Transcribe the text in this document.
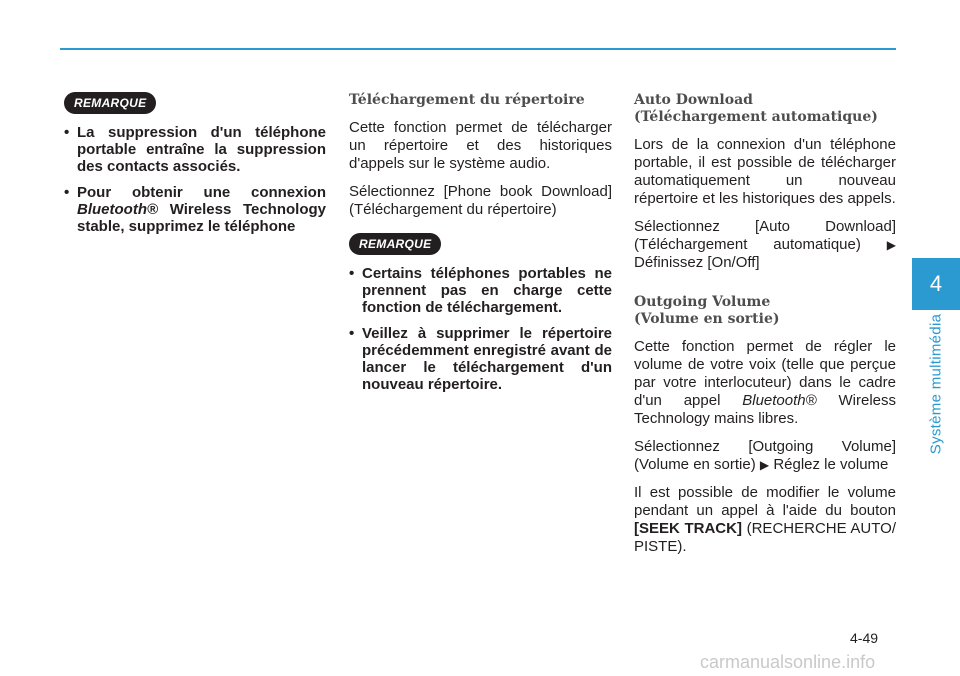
REMARQUE
• La suppression d'un téléphone portable entraîne la suppression des contacts associés.
• Pour obtenir une connexion Bluetooth® Wireless Technology stable, supprimez le téléphone
Téléchargement du répertoire

Cette fonction permet de télécharger un répertoire et des historiques d'appels sur le système audio.

Sélectionnez [Phone book Download] (Téléchargement du répertoire)

REMARQUE
• Certains téléphones portables ne prennent pas en charge cette fonction de téléchargement.
• Veillez à supprimer le répertoire précédemment enregistré avant de lancer le téléchargement d'un nouveau répertoire.
Auto Download
(Téléchargement automatique)

Lors de la connexion d'un téléphone portable, il est possible de télécharger automatiquement un nouveau répertoire et les historiques des appels.

Sélectionnez [Auto Download] (Téléchargement automatique) ▶ Définissez [On/Off]

Outgoing Volume
(Volume en sortie)

Cette fonction permet de régler le volume de votre voix (telle que perçue par votre interlocuteur) dans le cadre d'un appel Bluetooth® Wireless Technology mains libres.

Sélectionnez [Outgoing Volume] (Volume en sortie) ▶ Réglez le volume

Il est possible de modifier le volume pendant un appel à l'aide du bouton [SEEK TRACK] (RECHERCHE AUTO/ PISTE).

4
Système multimédia
4-49
carmanualsonline.info
